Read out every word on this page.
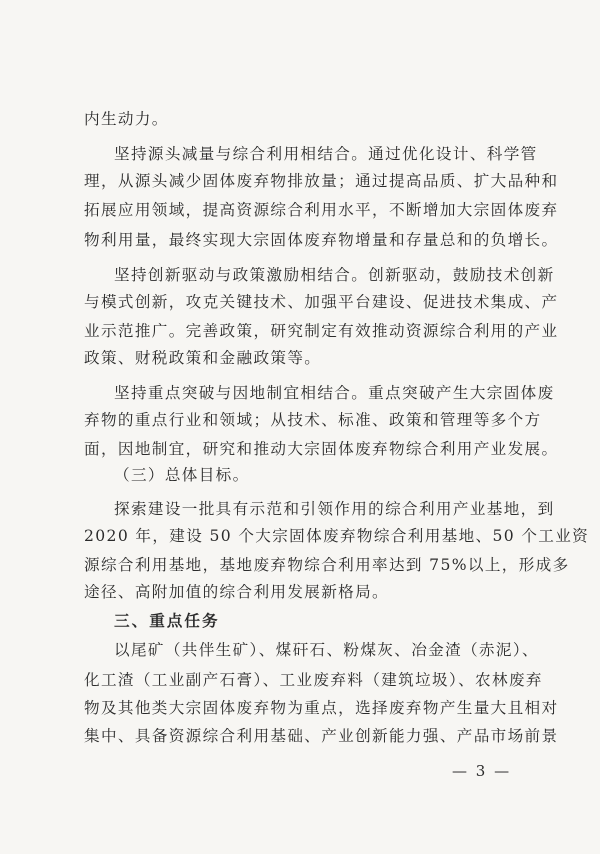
内生动力。
坚持源头减量与综合利用相结合。通过优化设计、科学管
理，从源头减少固体废弃物排放量；通过提高品质、扩大品种和
拓展应用领域，提高资源综合利用水平，不断增加大宗固体废弃
物利用量，最终实现大宗固体废弃物增量和存量总和的负增长。
坚持创新驱动与政策激励相结合。创新驱动，鼓励技术创新
与模式创新，攻克关键技术、加强平台建设、促进技术集成、产
业示范推广。完善政策，研究制定有效推动资源综合利用的产业
政策、财税政策和金融政策等。
坚持重点突破与因地制宜相结合。重点突破产生大宗固体废
弃物的重点行业和领域；从技术、标准、政策和管理等多个方
面，因地制宜，研究和推动大宗固体废弃物综合利用产业发展。
（三）总体目标。
探索建设一批具有示范和引领作用的综合利用产业基地，到
2020 年，建设 50 个大宗固体废弃物综合利用基地、50 个工业资
源综合利用基地，基地废弃物综合利用率达到 75%以上，形成多
途径、高附加值的综合利用发展新格局。
三、重点任务
以尾矿（共伴生矿）、煤矸石、粉煤灰、冶金渣（赤泥）、
化工渣（工业副产石膏）、工业废弃料（建筑垃圾）、农林废弃
物及其他类大宗固体废弃物为重点，选择废弃物产生量大且相对
集中、具备资源综合利用基础、产业创新能力强、产品市场前景
— 3 —
